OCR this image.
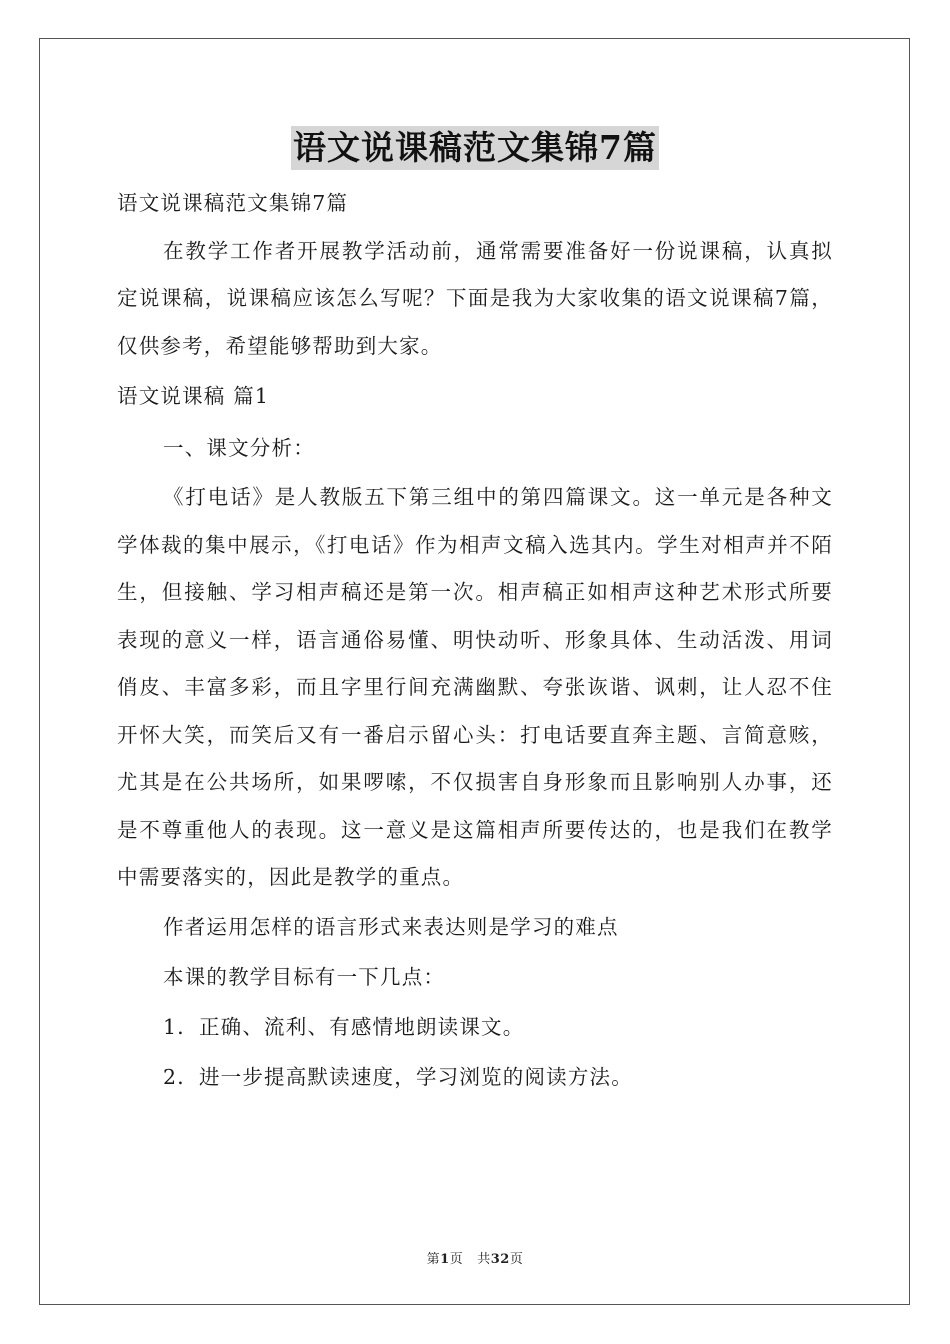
语文说课稿范文集锦7篇

语文说课稿范文集锦7篇

在教学工作者开展教学活动前，通常需要准备好一份说课稿，认真拟定说课稿，说课稿应该怎么写呢？下面是我为大家收集的语文说课稿7篇，仅供参考，希望能够帮助到大家。

语文说课稿 篇1

一、课文分析：

《打电话》是人教版五下第三组中的第四篇课文。这一单元是各种文学体裁的集中展示，《打电话》作为相声文稿入选其内。学生对相声并不陌生，但接触、学习相声稿还是第一次。相声稿正如相声这种艺术形式所要表现的意义一样，语言通俗易懂、明快动听、形象具体、生动活泼、用词俏皮、丰富多彩，而且字里行间充满幽默、夸张诙谐、讽刺，让人忍不住开怀大笑，而笑后又有一番启示留心头：打电话要直奔主题、言简意赅，尤其是在公共场所，如果啰嗦，不仅损害自身形象而且影响别人办事，还是不尊重他人的表现。这一意义是这篇相声所要传达的，也是我们在教学中需要落实的，因此是教学的重点。

作者运用怎样的语言形式来表达则是学习的难点

本课的教学目标有一下几点：

1．正确、流利、有感情地朗读课文。

2．进一步提高默读速度，学习浏览的阅读方法。

第1页 共32页
